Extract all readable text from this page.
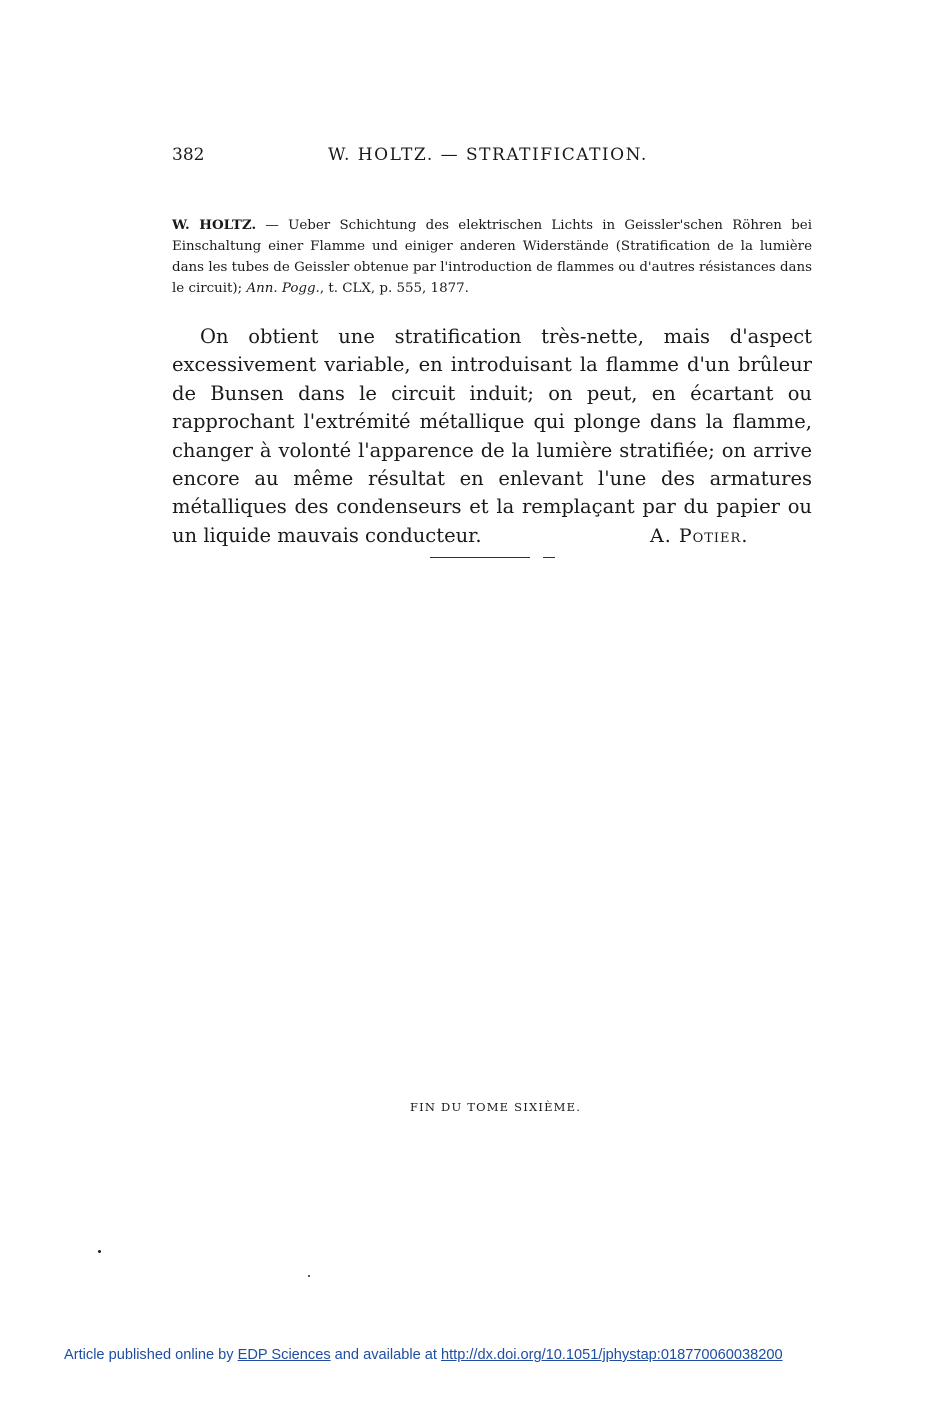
382	W. HOLTZ. — STRATIFICATION.
W. HOLTZ. — Ueber Schichtung des elektrischen Lichts in Geissler'schen Röhren bei Einschaltung einer Flamme und einiger anderen Widerstände (Stratification de la lumière dans les tubes de Geissler obtenue par l'introduction de flammes ou d'autres résistances dans le circuit); Ann. Pogg., t. CLX, p. 555, 1877.

On obtient une stratification très-nette, mais d'aspect excessivement variable, en introduisant la flamme d'un brûleur de Bunsen dans le circuit induit; on peut, en écartant ou rapprochant l'extrémité métallique qui plonge dans la flamme, changer à volonté l'apparence de la lumière stratifiée; on arrive encore au même résultat en enlevant l'une des armatures métalliques des condenseurs et la remplaçant par du papier ou un liquide mauvais conducteur.	A. Potier.
FIN DU TOME SIXIÈME.
Article published online by EDP Sciences and available at http://dx.doi.org/10.1051/jphystap:018770060038200
